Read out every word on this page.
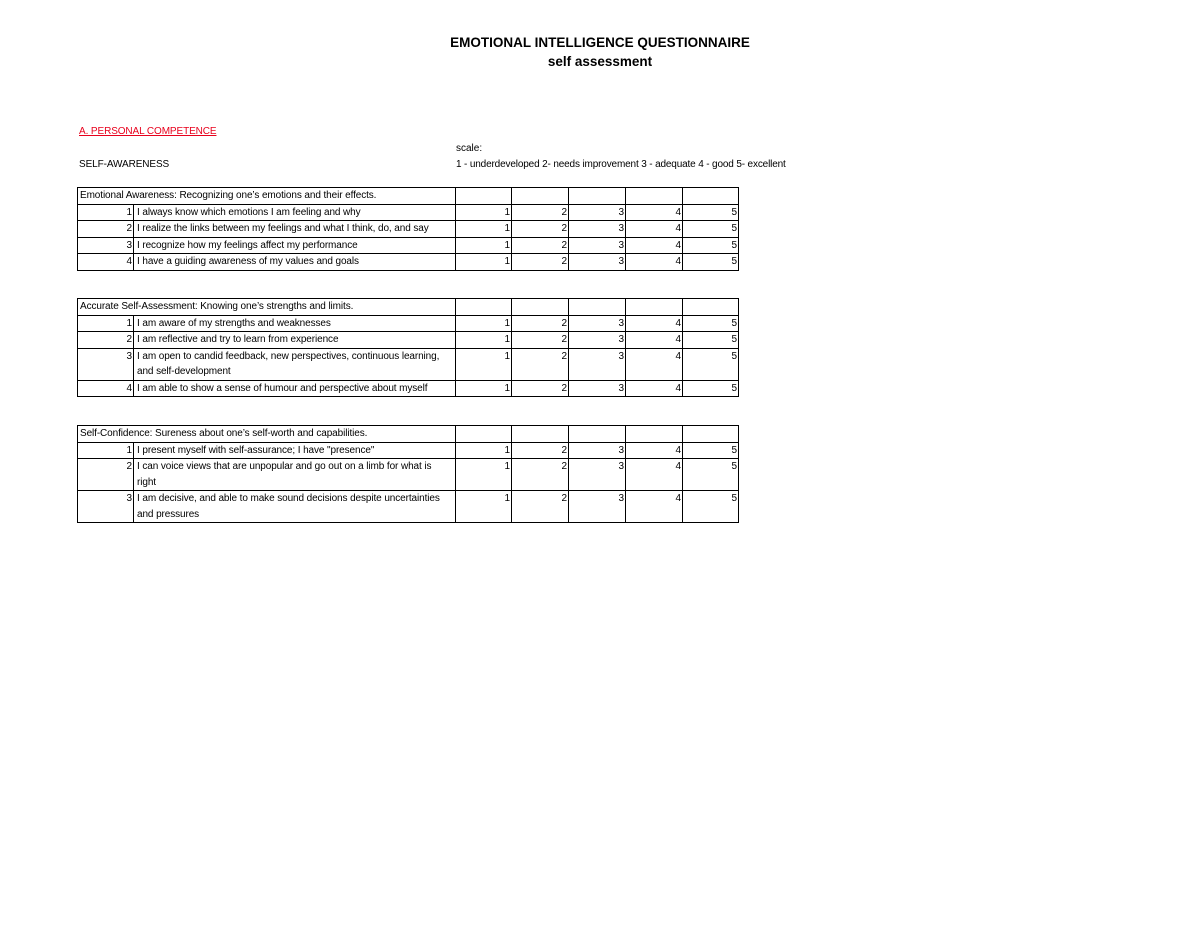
EMOTIONAL INTELLIGENCE QUESTIONNAIRE
self assessment
A. PERSONAL COMPETENCE
scale:
SELF-AWARENESS	1 - underdeveloped 2- needs improvement 3 - adequate 4 - good 5- excellent
Emotional Awareness: Recognizing one’s emotions and their effects.						
1	I always know which emotions I am feeling and why	1	2	3	4	5
2	I realize the links between my feelings and what I think, do, and say	1	2	3	4	5
3	I recognize how my feelings affect my performance	1	2	3	4	5
4	I have a guiding awareness of my values and goals	1	2	3	4	5
Accurate Self-Assessment: Knowing one’s strengths and limits.						
1	I am aware of my strengths and weaknesses	1	2	3	4	5
2	I am reflective and try to learn from experience	1	2	3	4	5
3	I am open to candid feedback, new perspectives, continuous learning, and self-development	1	2	3	4	5
4	I am able to show a sense of humour and perspective about myself	1	2	3	4	5
Self-Confidence: Sureness about one’s self-worth and capabilities.						
1	I present myself with self-assurance; I have "presence"	1	2	3	4	5
2	I can voice views that are unpopular and go out on a limb for what is right	1	2	3	4	5
3	I am decisive, and able to make sound decisions despite uncertainties and pressures	1	2	3	4	5
